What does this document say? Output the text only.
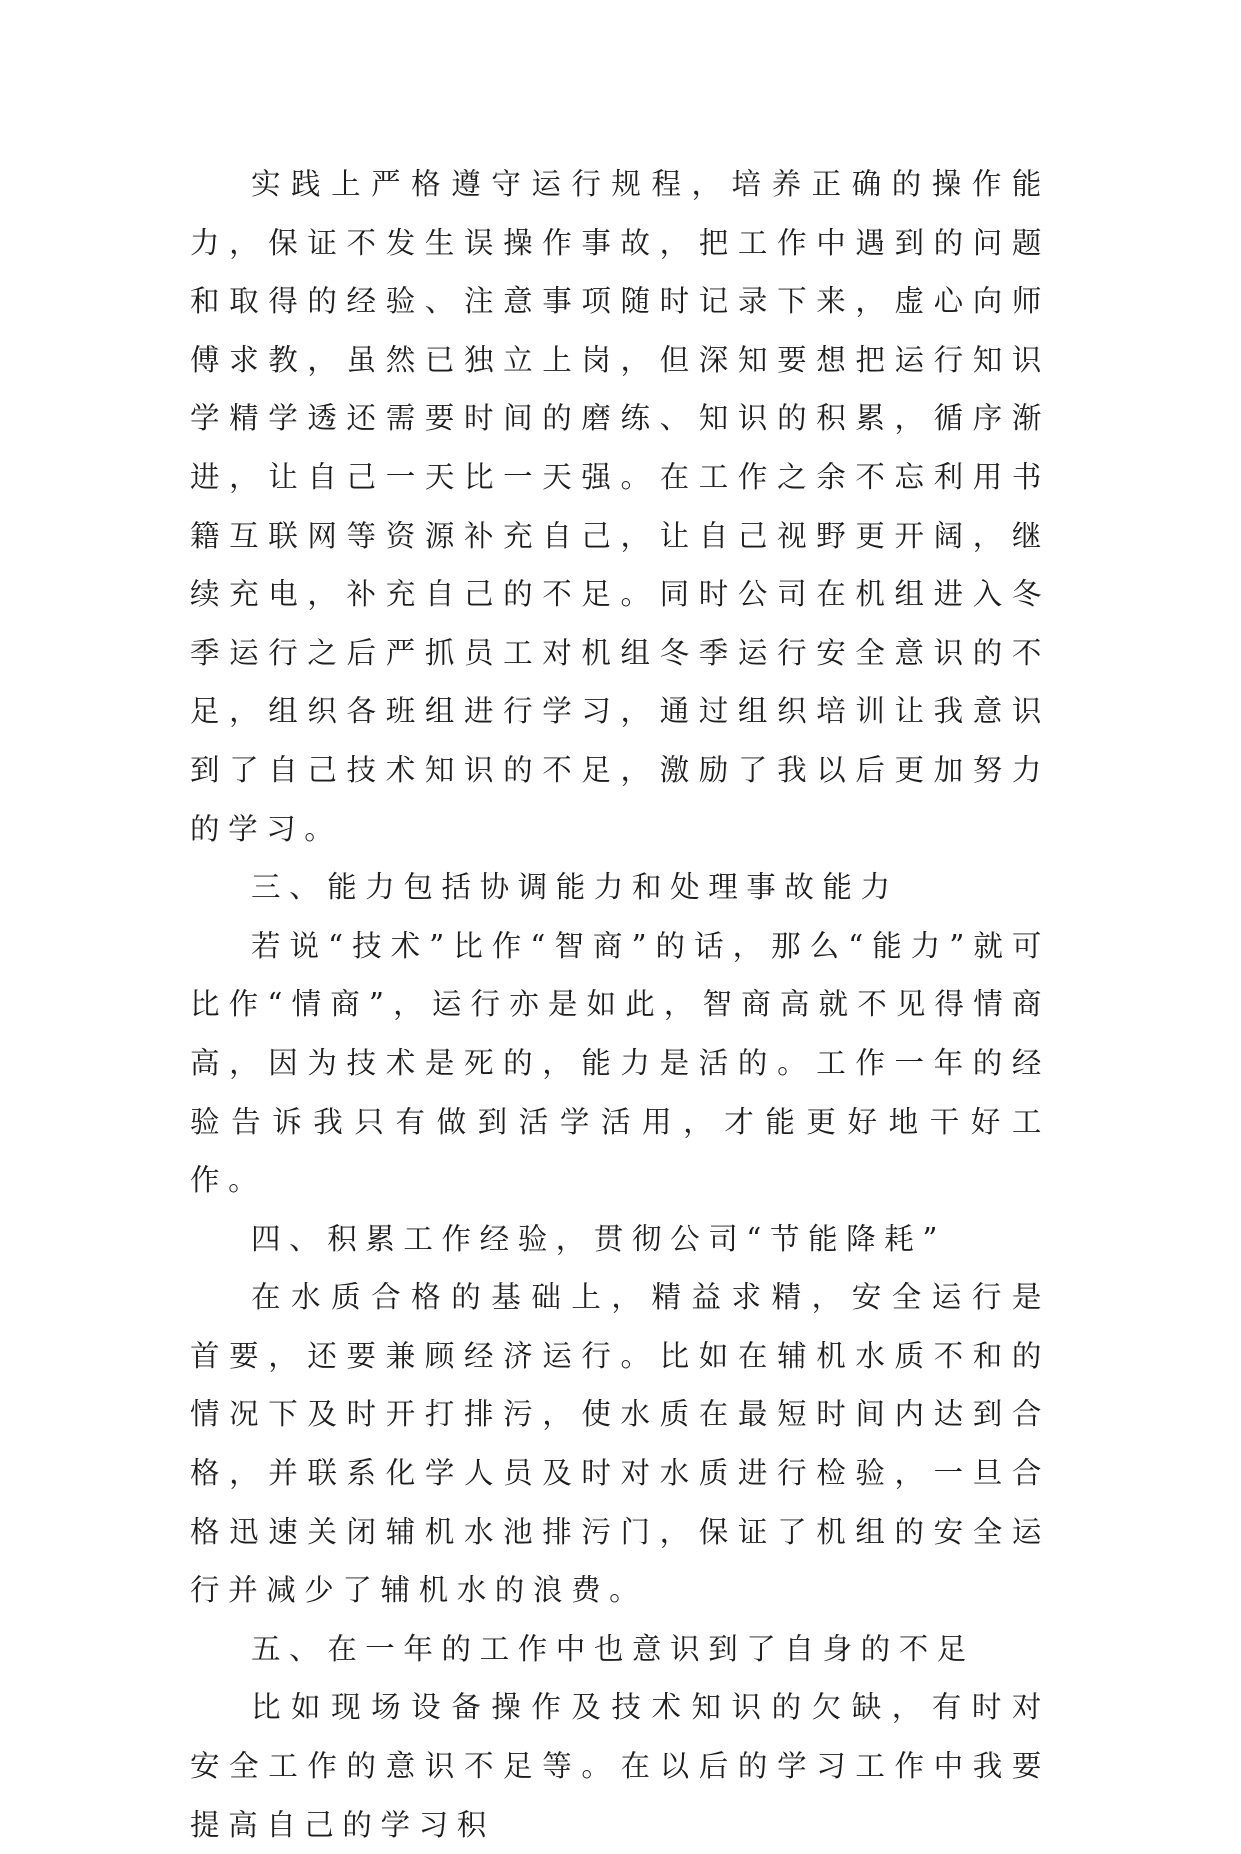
实践上严格遵守运行规程，培养正确的操作能力，保证不发生误操作事故，把工作中遇到的问题和取得的经验、注意事项随时记录下来，虚心向师傅求教，虽然已独立上岗，但深知要想把运行知识学精学透还需要时间的磨练、知识的积累，循序渐进，让自己一天比一天强。在工作之余不忘利用书籍互联网等资源补充自己，让自己视野更开阔，继续充电，补充自己的不足。同时公司在机组进入冬季运行之后严抓员工对机组冬季运行安全意识的不足，组织各班组进行学习，通过组织培训让我意识到了自己技术知识的不足，激励了我以后更加努力的学习。

三、能力包括协调能力和处理事故能力

若说“技术”比作“智商”的话，那么“能力”就可比作“情商”，运行亦是如此，智商高就不见得情商高，因为技术是死的，能力是活的。工作一年的经验告诉我只有做到活学活用，才能更好地干好工作。

四、积累工作经验，贯彻公司“节能降耗”

在水质合格的基础上，精益求精，安全运行是首要，还要兼顾经济运行。比如在辅机水质不和的情况下及时开打排污，使水质在最短时间内达到合格，并联系化学人员及时对水质进行检验，一旦合格迅速关闭辅机水池排污门，保证了机组的安全运行并减少了辅机水的浪费。

五、在一年的工作中也意识到了自身的不足

比如现场设备操作及技术知识的欠缺，有时对安全工作的意识不足等。在以后的学习工作中我要提高自己的学习积
